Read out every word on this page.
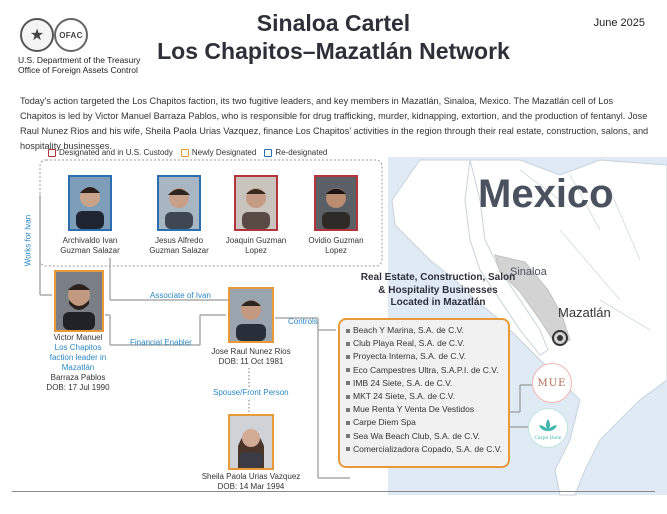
★	OFAC
U.S. Department of the Treasury
Office of Foreign Assets Control
Sinaloa Cartel
Los Chapitos–Mazatlán Network
June 2025
Today’s action targeted the Los Chapitos faction, its two fugitive leaders, and key members in Mazatlán, Sinaloa, Mexico. The Mazatlán cell of Los Chapitos is led by Victor Manuel Barraza Pablos, who is responsible for drug trafficking, murder, kidnapping, extortion, and the production of fentanyl. Jose Raul Nunez Rios and his wife, Sheila Paola Urias Vazquez, finance Los Chapitos’ activities in the region through their real estate, construction, salons, and hospitality businesses.
Designated and in U.S. Custody Newly Designated Re-designated
Archivaldo Ivan
Guzman Salazar
Jesus Alfredo
Guzman Salazar
Joaquin Guzman
Lopez
Ovidio Guzman
Lopez
Works for Ivan
Victor Manuel
Los Chapitos
faction leader in
Mazatlán
Barraza Pablos
DOB: 17 Jul 1990
Associate of Ivan
Financial Enabler
Controls
Jose Raul Nunez Rios
DOB: 11 Oct 1981
Spouse/Front Person
Sheila Paola Urias Vazquez
DOB: 14 Mar 1994
Real Estate, Construction, Salon
& Hospitality Businesses
Located in Mazatlán
Beach Y Marina, S.A. de C.V.
Club Playa Real, S.A. de C.V.
Proyecta Interna, S.A. de C.V.
Eco Campestres Ultra, S.A.P.I. de C.V.
IMB 24 Siete, S.A. de C.V.
MKT 24 Siete, S.A. de C.V.
Mue Renta Y Venta De Vestidos
Carpe Diem Spa
Sea Wa Beach Club, S.A. de C.V.
Comercializadora Copado, S.A. de C.V.
Mexico
Sinaloa
Mazatlán
MUE
Carpe Diem
